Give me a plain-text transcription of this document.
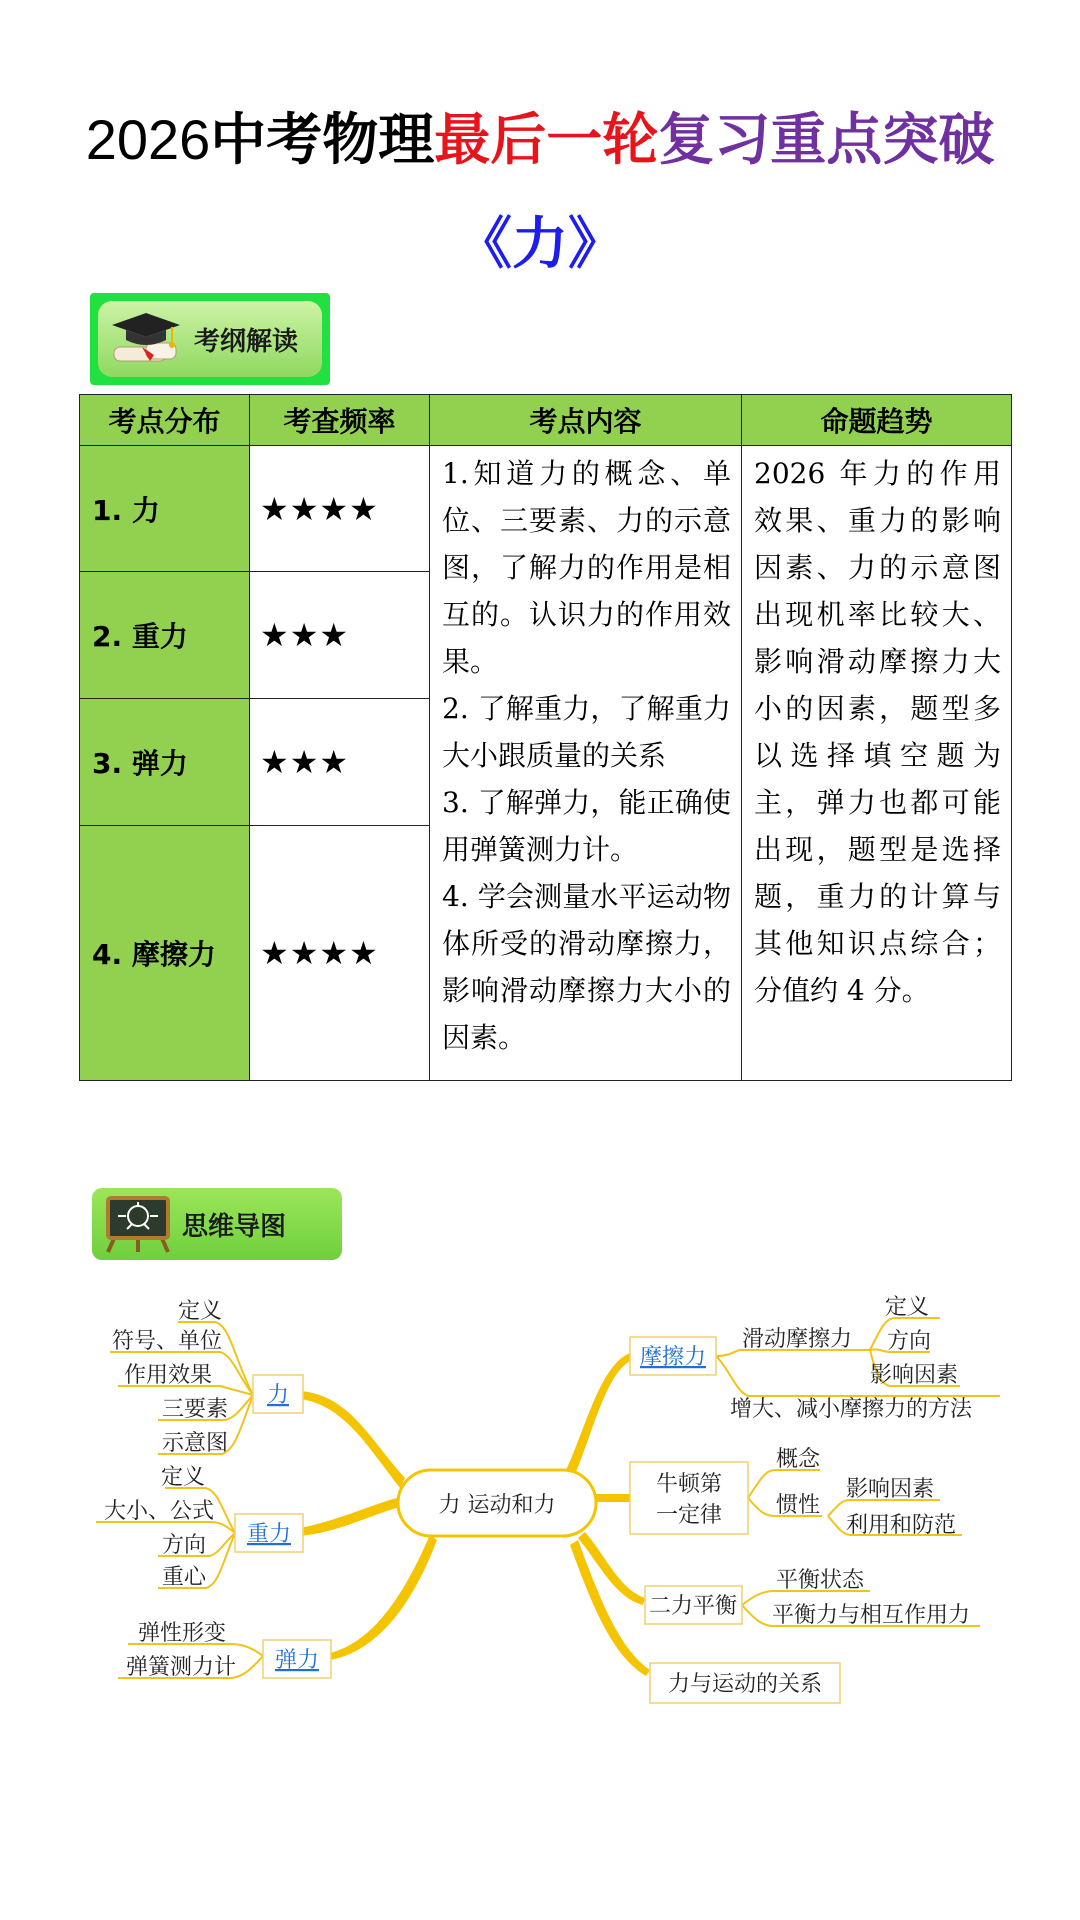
2026中考物理最后一轮复习重点突破
《力》
考纲解读
考点分布	考查频率	考点内容	命题趋势
1. 力	★★★★	1.知道力的概念、单位、三要素、力的示意图，了解力的作用是相互的。认识力的作用效果。

2. 了解重力，了解重力大小跟质量的关系

3. 了解弹力，能正确使用弹簧测力计。

4. 学会测量水平运动物体所受的滑动摩擦力，影响滑动摩擦力大小的因素。	2026 年力的作用效果、重力的影响因素、力的示意图出现机率比较大、影响滑动摩擦力大小的因素，题型多以选择填空题为主，弹力也都可能出现，题型是选择题，重力的计算与其他知识点综合；分值约 4 分。
2. 重力	★★★		
3. 弹力	★★★		
4. 摩擦力	★★★★		
思维导图
力 运动和力
力
重力
弹力
定义
符号、单位
作用效果
三要素
示意图
定义
大小、公式
方向
重心
弹性形变
弹簧测力计
摩擦力
牛顿第
一定律
二力平衡
力与运动的关系
滑动摩擦力
定义
方向
影响因素
增大、减小摩擦力的方法
概念
惯性
影响因素
利用和防范
平衡状态
平衡力与相互作用力
